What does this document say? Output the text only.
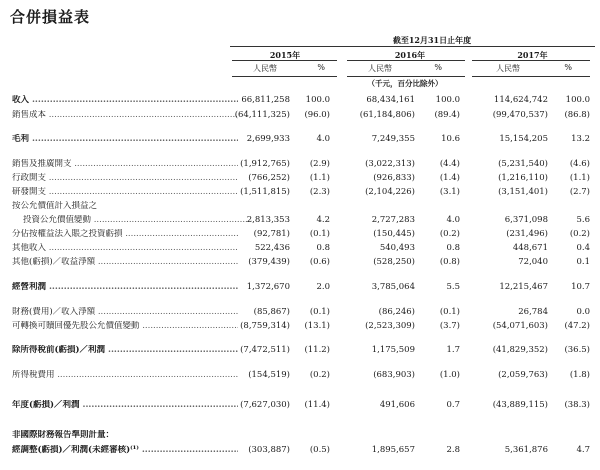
合併損益表
截至12月31日止年度
2015年	2016年	2017年
人民幣	%	人民幣	%	人民幣	%
（千元，百分比除外）
收入 .....	66,811,258	100.0	68,434,161	100.0	114,624,742	100.0
銷售成本 .....	(64,111,325)	(96.0)	(61,184,806)	(89.4)	(99,470,537)	(86.8)
毛利 .....	2,699,933	4.0	7,249,355	10.6	15,154,205	13.2
銷售及推廣開支 .....	(1,912,765)	(2.9)	(3,022,313)	(4.4)	(5,231,540)	(4.6)
行政開支 .....	(766,252)	(1.1)	(926,833)	(1.4)	(1,216,110)	(1.1)
研發開支 .....	(1,511,815)	(2.3)	(2,104,226)	(3.1)	(3,151,401)	(2.7)
按公允價值計入損益之
投資公允價值變動 .....	2,813,353	4.2	2,727,283	4.0	6,371,098	5.6
分佔按權益法入賬之投資虧損 .....	(92,781)	(0.1)	(150,445)	(0.2)	(231,496)	(0.2)
其他收入 .....	522,436	0.8	540,493	0.8	448,671	0.4
其他(虧損)／收益淨額 .....	(379,439)	(0.6)	(528,250)	(0.8)	72,040	0.1
經營利潤 .....	1,372,670	2.0	3,785,064	5.5	12,215,467	10.7
財務(費用)／收入淨額 .....	(85,867)	(0.1)	(86,246)	(0.1)	26,784	0.0
可轉換可贖回優先股公允價值變動 .....	(8,759,314)	(13.1)	(2,523,309)	(3.7)	(54,071,603)	(47.2)
除所得稅前(虧損)／利潤 .....	(7,472,511)	(11.2)	1,175,509	1.7	(41,829,352)	(36.5)
所得稅費用 .....	(154,519)	(0.2)	(683,903)	(1.0)	(2,059,763)	(1.8)
年度(虧損)／利潤 .....	(7,627,030)	(11.4)	491,606	0.7	(43,889,115)	(38.3)
非國際財務報告準則計量：
經調整(虧損)／利潤(未經審核)⁽¹⁾ .....	(303,887)	(0.5)	1,895,657	2.8	5,361,876	4.7
